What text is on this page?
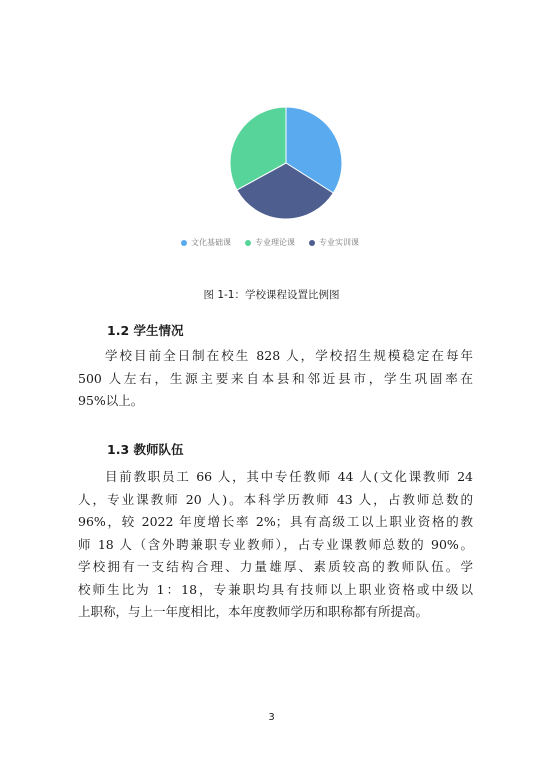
文化基础课	专业理论课	专业实训课
图 1-1：学校课程设置比例图
1.2 学生情况
学校目前全日制在校生 828 人，学校招生规模稳定在每年
500 人左右，生源主要来自本县和邻近县市，学生巩固率在
95%以上。
1.3 教师队伍
目前教职员工 66 人，其中专任教师 44 人(文化课教师 24
人，专业课教师 20 人)。本科学历教师 43 人，占教师总数的
96%，较 2022 年度增长率 2%；具有高级工以上职业资格的教
师 18 人（含外聘兼职专业教师），占专业课教师总数的 90%。
学校拥有一支结构合理、力量雄厚、素质较高的教师队伍。学
校师生比为 1：18，专兼职均具有技师以上职业资格或中级以
上职称，与上一年度相比，本年度教师学历和职称都有所提高。
3
